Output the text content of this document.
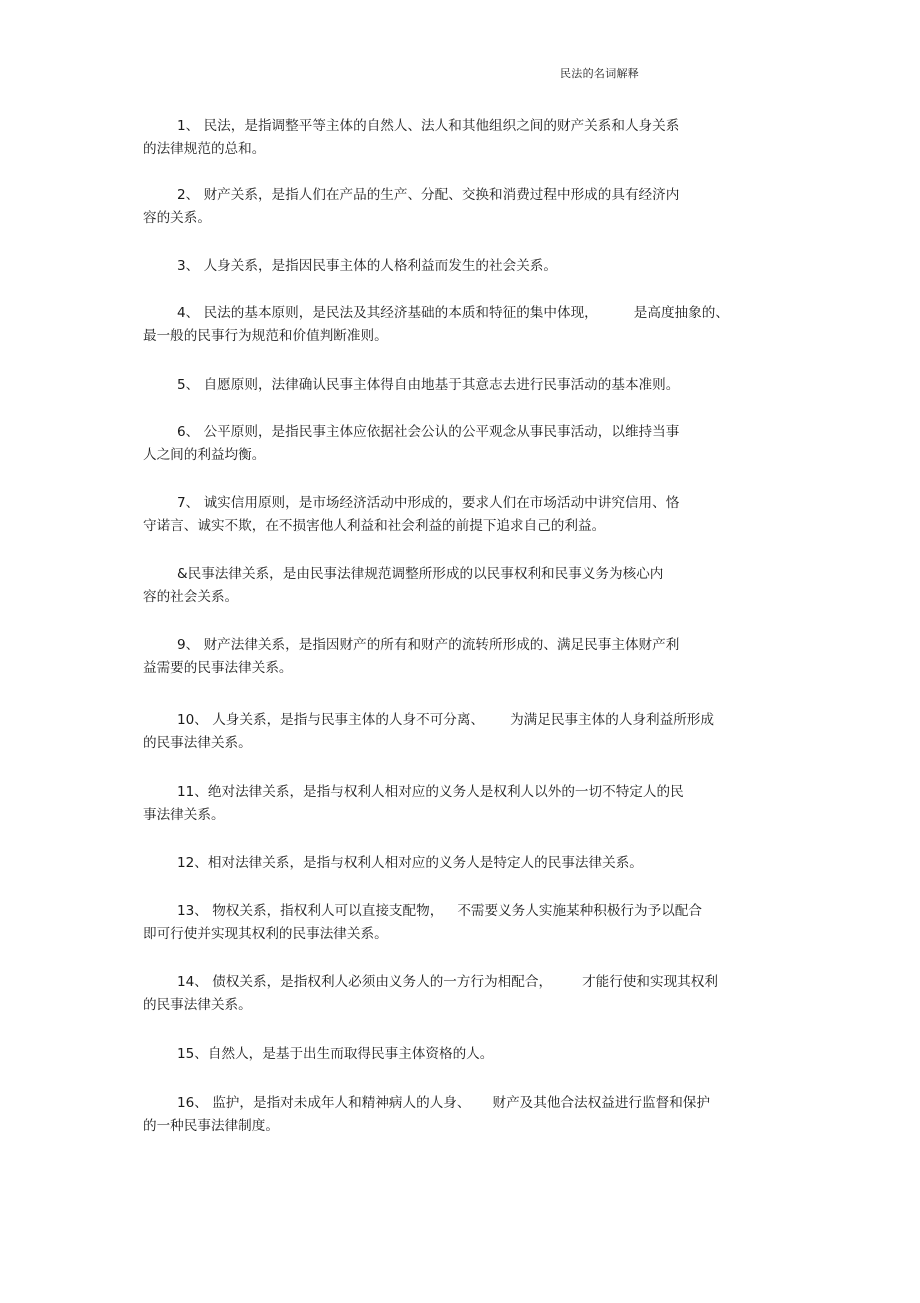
民法的名词解释
1、 民法，是指调整平等主体的自然人、法人和其他组织之间的财产关系和人身关系
的法律规范的总和。
2、 财产关系，是指人们在产品的生产、分配、交换和消费过程中形成的具有经济内
容的关系。
3、 人身关系，是指因民事主体的人格利益而发生的社会关系。
4、 民法的基本原则，是民法及其经济基础的本质和特征的集中体现，	是高度抽象的、
最一般的民事行为规范和价值判断准则。
5、 自愿原则，法律确认民事主体得自由地基于其意志去进行民事活动的基本准则。
6、 公平原则，是指民事主体应依据社会公认的公平观念从事民事活动，以维持当事
人之间的利益均衡。
7、 诚实信用原则，是市场经济活动中形成的，要求人们在市场活动中讲究信用、恪
守诺言、诚实不欺，在不损害他人利益和社会利益的前提下追求自己的利益。
&民事法律关系，是由民事法律规范调整所形成的以民事权利和民事义务为核心内
容的社会关系。
9、 财产法律关系，是指因财产的所有和财产的流转所形成的、满足民事主体财产利
益需要的民事法律关系。
10、 人身关系，是指与民事主体的人身不可分离、 为满足民事主体的人身利益所形成
的民事法律关系。
11、绝对法律关系，是指与权利人相对应的义务人是权利人以外的一切不特定人的民
事法律关系。
12、相对法律关系，是指与权利人相对应的义务人是特定人的民事法律关系。
13、 物权关系，指权利人可以直接支配物， 不需要义务人实施某种积极行为予以配合
即可行使并实现其权利的民事法律关系。
14、 债权关系，是指权利人必须由义务人的一方行为相配合， 才能行使和实现其权利
的民事法律关系。
15、自然人，是基于出生而取得民事主体资格的人。
16、 监护，是指对未成年人和精神病人的人身、 财产及其他合法权益进行监督和保护
的一种民事法律制度。
